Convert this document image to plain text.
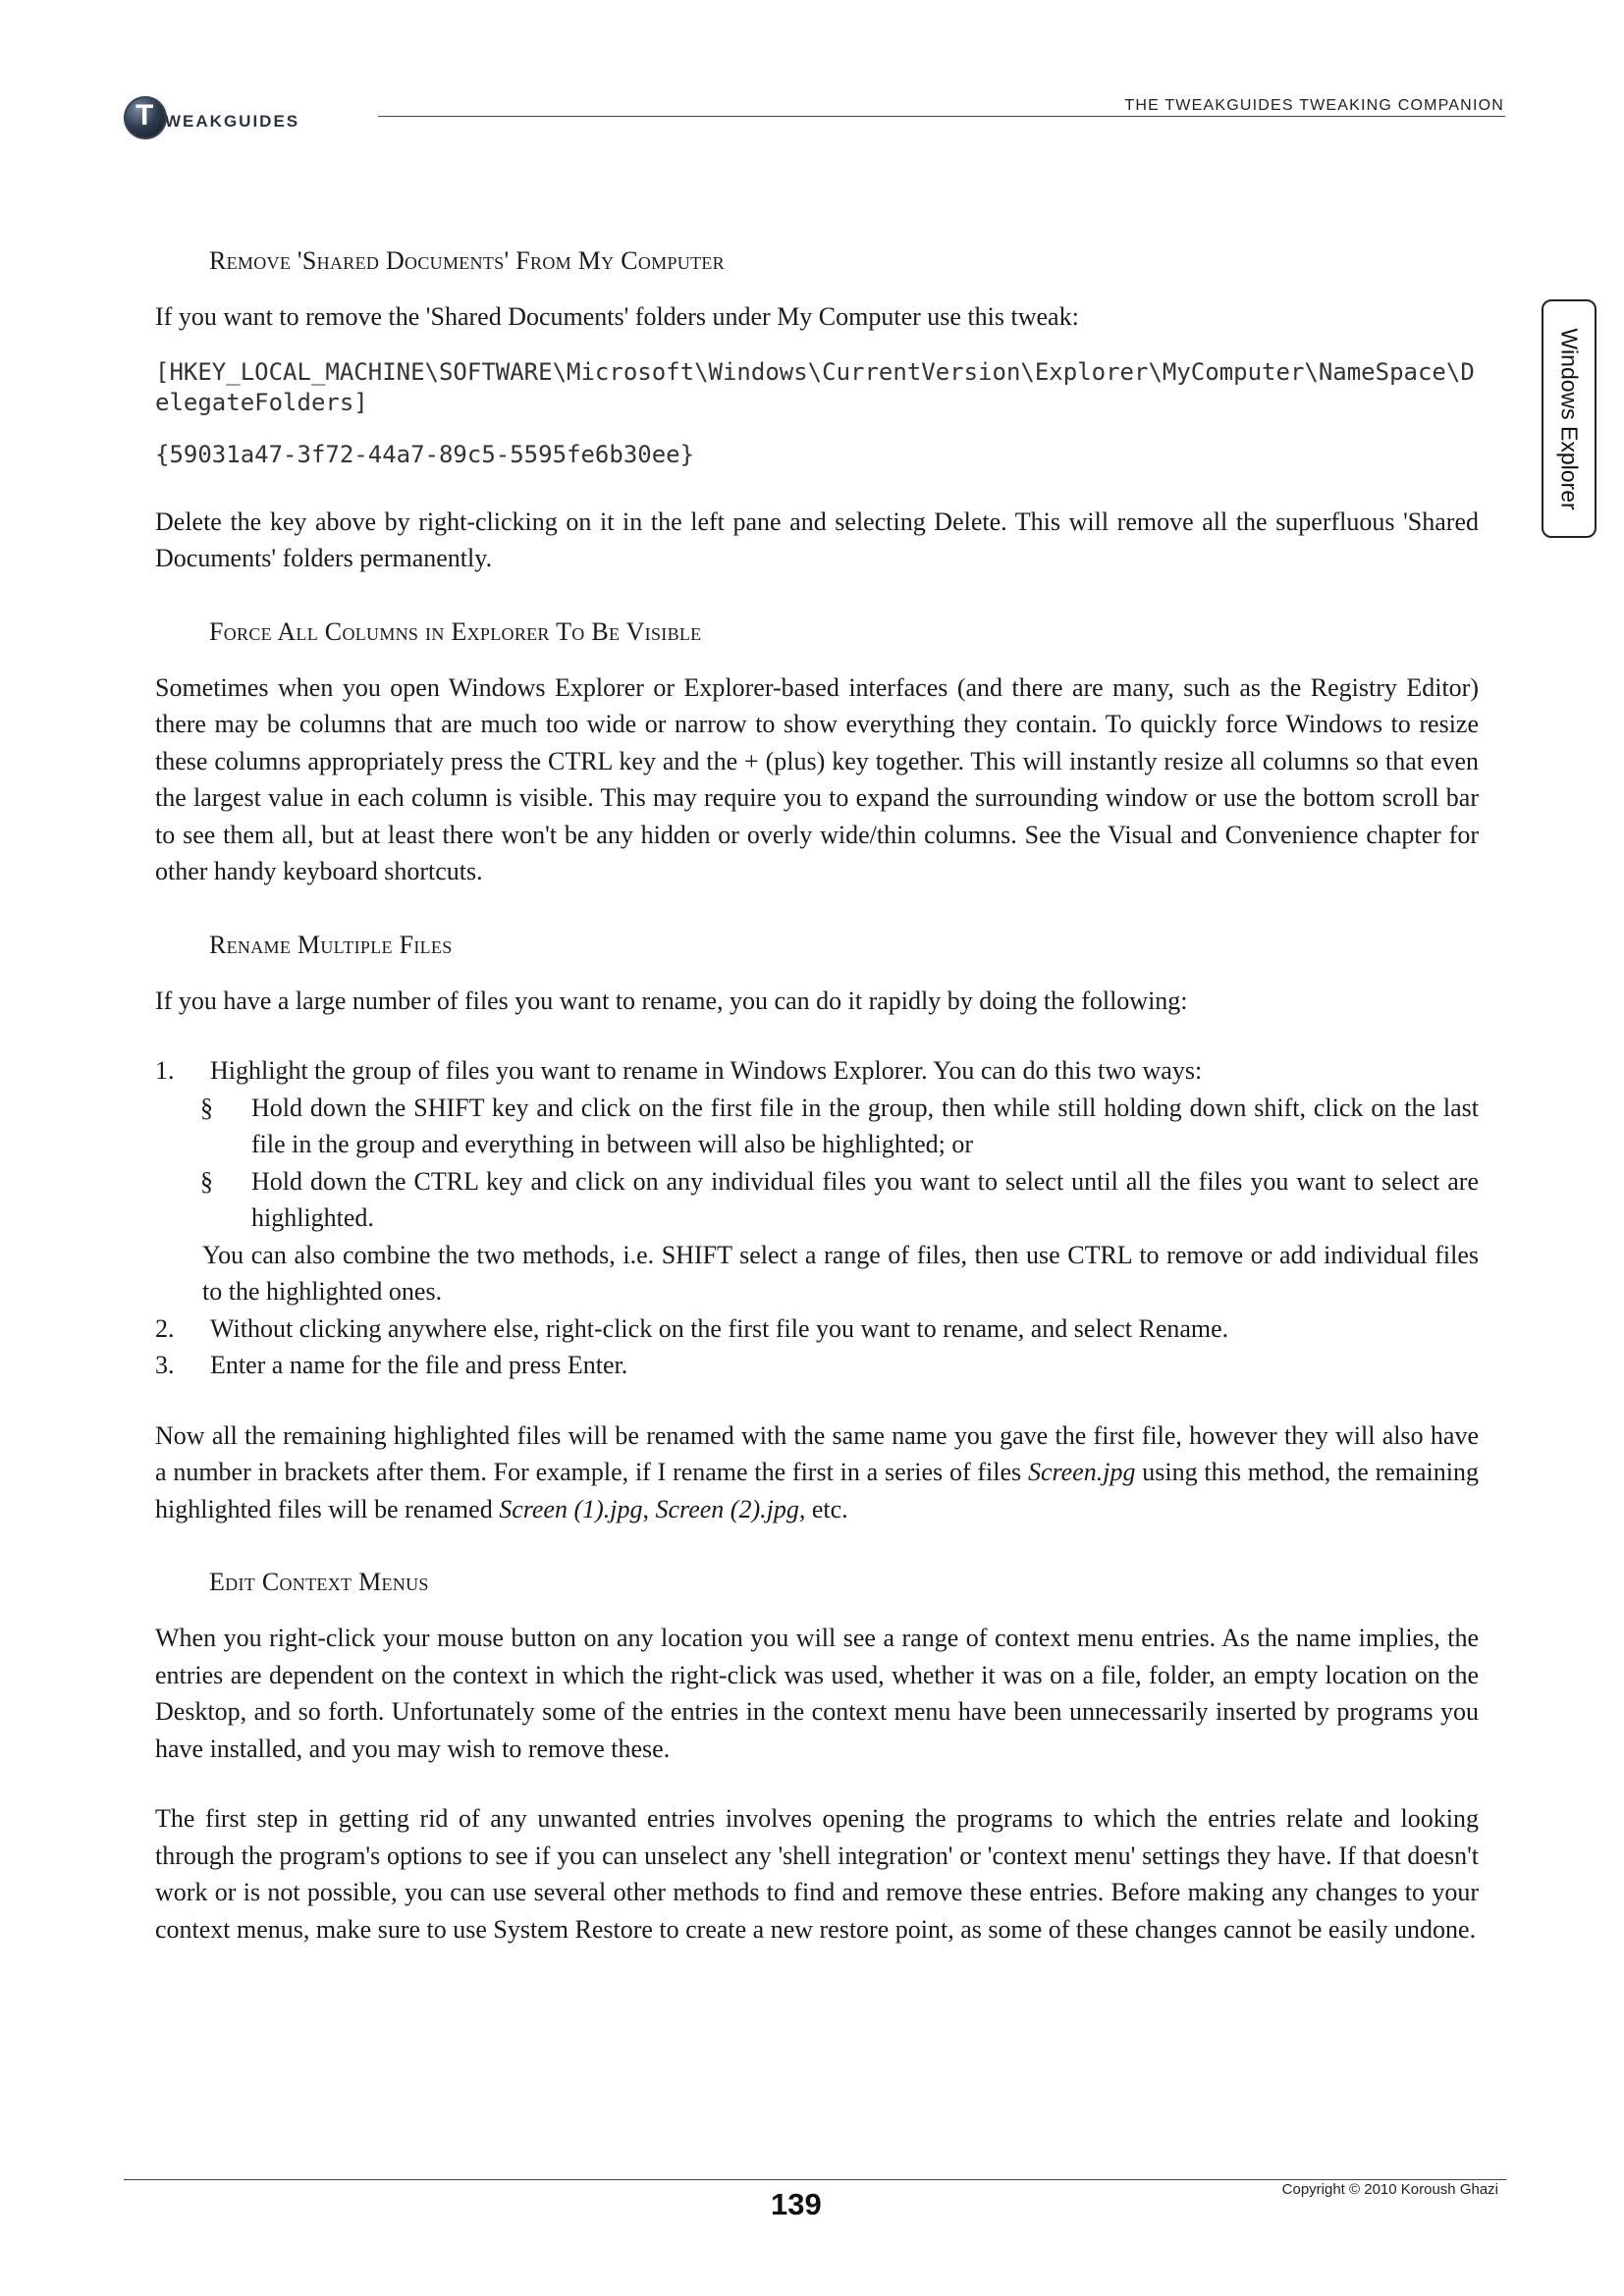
T
WEAKGUIDES
THE TWEAKGUIDES TWEAKING COMPANION
Windows Explorer
Remove 'Shared Documents' From My Computer

If you want to remove the 'Shared Documents' folders under My Computer use this tweak:

[HKEY_LOCAL_MACHINE\SOFTWARE\Microsoft\Windows\CurrentVersion\Explorer\MyComputer\NameSpace\DelegateFolders]
{59031a47-3f72-44a7-89c5-5595fe6b30ee}

Delete the key above by right-clicking on it in the left pane and selecting Delete. This will remove all the superfluous 'Shared Documents' folders permanently.

Force All Columns in Explorer To Be Visible

Sometimes when you open Windows Explorer or Explorer-based interfaces (and there are many, such as the Registry Editor) there may be columns that are much too wide or narrow to show everything they contain. To quickly force Windows to resize these columns appropriately press the CTRL key and the + (plus) key together. This will instantly resize all columns so that even the largest value in each column is visible. This may require you to expand the surrounding window or use the bottom scroll bar to see them all, but at least there won't be any hidden or overly wide/thin columns. See the Visual and Convenience chapter for other handy keyboard shortcuts.

Rename Multiple Files

If you have a large number of files you want to rename, you can do it rapidly by doing the following:

1. Highlight the group of files you want to rename in Windows Explorer. You can do this two ways:
§ Hold down the SHIFT key and click on the first file in the group, then while still holding down shift, click on the last file in the group and everything in between will also be highlighted; or
§ Hold down the CTRL key and click on any individual files you want to select until all the files you want to select are highlighted.
You can also combine the two methods, i.e. SHIFT select a range of files, then use CTRL to remove or add individual files to the highlighted ones.
2. Without clicking anywhere else, right-click on the first file you want to rename, and select Rename.
3. Enter a name for the file and press Enter.

Now all the remaining highlighted files will be renamed with the same name you gave the first file, however they will also have a number in brackets after them. For example, if I rename the first in a series of files Screen.jpg using this method, the remaining highlighted files will be renamed Screen (1).jpg, Screen (2).jpg, etc.

Edit Context Menus

When you right-click your mouse button on any location you will see a range of context menu entries. As the name implies, the entries are dependent on the context in which the right-click was used, whether it was on a file, folder, an empty location on the Desktop, and so forth. Unfortunately some of the entries in the context menu have been unnecessarily inserted by programs you have installed, and you may wish to remove these.

The first step in getting rid of any unwanted entries involves opening the programs to which the entries relate and looking through the program's options to see if you can unselect any 'shell integration' or 'context menu' settings they have. If that doesn't work or is not possible, you can use several other methods to find and remove these entries. Before making any changes to your context menus, make sure to use System Restore to create a new restore point, as some of these changes cannot be easily undone.

139	Copyright © 2010 Koroush Ghazi
